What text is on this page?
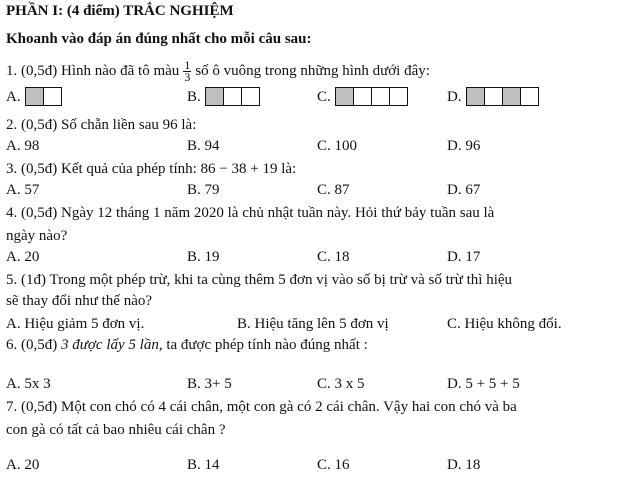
PHẦN I: (4 điểm) TRẮC NGHIỆM
Khoanh vào đáp án đúng nhất cho mỗi câu sau:
1. (0,5đ) Hình nào đã tô màu $\frac{1}{3}$ số ô vuông trong những hình dưới đây:
2. (0,5đ) Số chẵn liền sau 96 là:
3. (0,5đ) Kết quả của phép tính: 86 − 38 + 19 là:
4. (0,5đ) Ngày 12 tháng 1 năm 2020 là chủ nhật tuần này. Hỏi thứ bảy tuần sau là
ngày nào?
5. (1đ) Trong một phép trừ, khi ta cùng thêm 5 đơn vị vào số bị trừ và số trừ thì hiệu
sẽ thay đổi như thế nào?
6. (0,5đ) 3 được lấy 5 lần, ta được phép tính nào đúng nhất :
7. (0,5đ) Một con chó có 4 cái chân, một con gà có 2 cái chân. Vậy hai con chó và ba
con gà có tất cả bao nhiêu cái chân ?
A.	B.	C.	D.
A. 98	B. 94	C. 100	D. 96
A. 57	B. 79	C. 87	D. 67
A. 20	B. 19	C. 18	D. 17
A. Hiệu giảm 5 đơn vị.	B. Hiệu tăng lên 5 đơn vị	C. Hiệu không đổi.
A. 5x 3	B. 3+ 5	C. 3 x 5	D. 5 + 5 + 5
A. 20	B. 14	C. 16	D. 18
